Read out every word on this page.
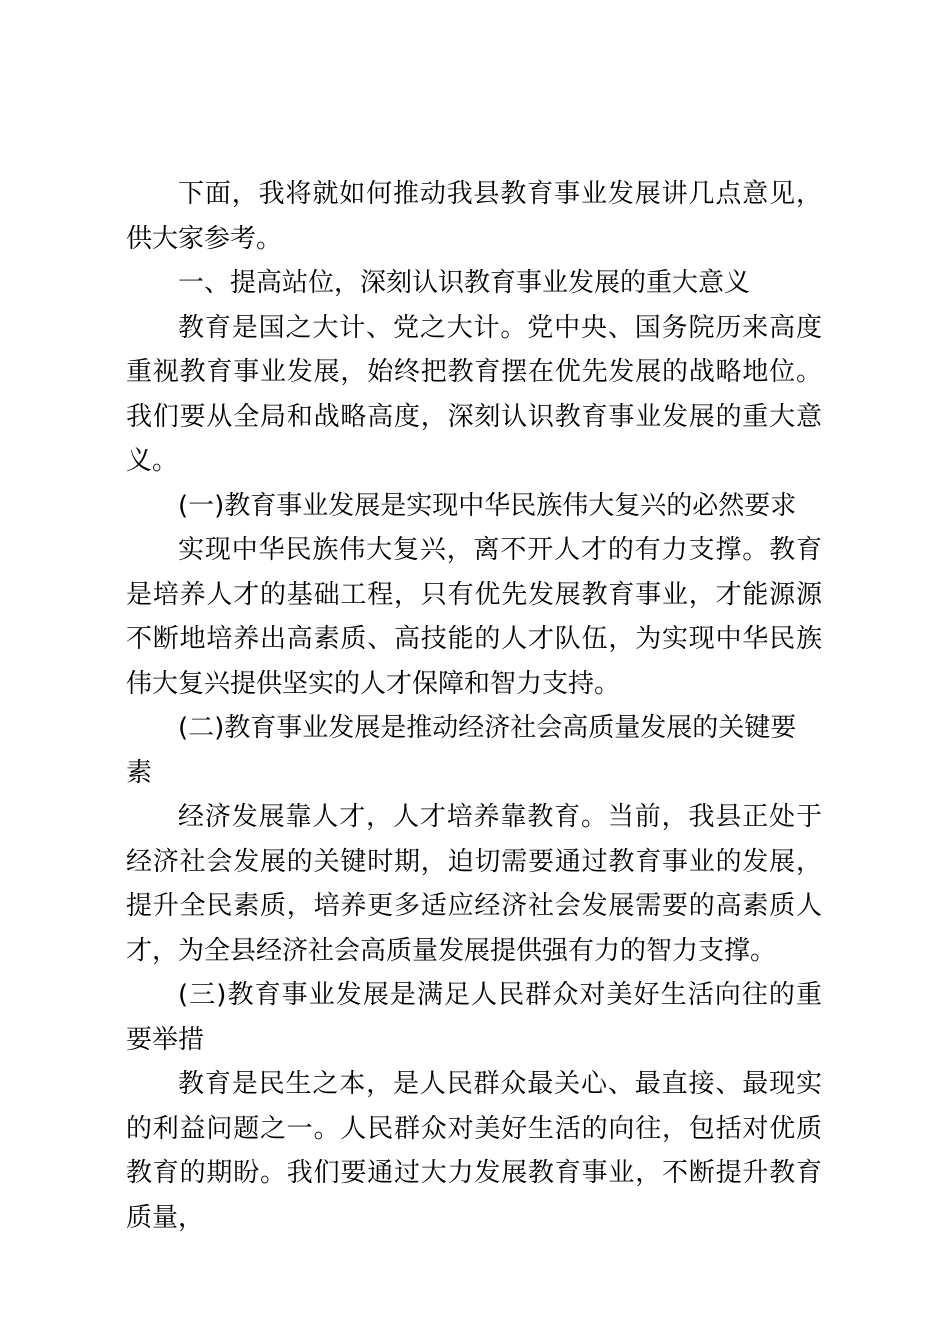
下面，我将就如何推动我县教育事业发展讲几点意见，供大家参考。

一、提高站位，深刻认识教育事业发展的重大意义

教育是国之大计、党之大计。党中央、国务院历来高度重视教育事业发展，始终把教育摆在优先发展的战略地位。我们要从全局和战略高度，深刻认识教育事业发展的重大意义。

(一)教育事业发展是实现中华民族伟大复兴的必然要求

实现中华民族伟大复兴，离不开人才的有力支撑。教育是培养人才的基础工程，只有优先发展教育事业，才能源源不断地培养出高素质、高技能的人才队伍，为实现中华民族伟大复兴提供坚实的人才保障和智力支持。

(二)教育事业发展是推动经济社会高质量发展的关键要素

经济发展靠人才，人才培养靠教育。当前，我县正处于经济社会发展的关键时期，迫切需要通过教育事业的发展，提升全民素质，培养更多适应经济社会发展需要的高素质人才，为全县经济社会高质量发展提供强有力的智力支撑。

(三)教育事业发展是满足人民群众对美好生活向往的重要举措

教育是民生之本，是人民群众最关心、最直接、最现实的利益问题之一。人民群众对美好生活的向往，包括对优质教育的期盼。我们要通过大力发展教育事业，不断提升教育质量，
